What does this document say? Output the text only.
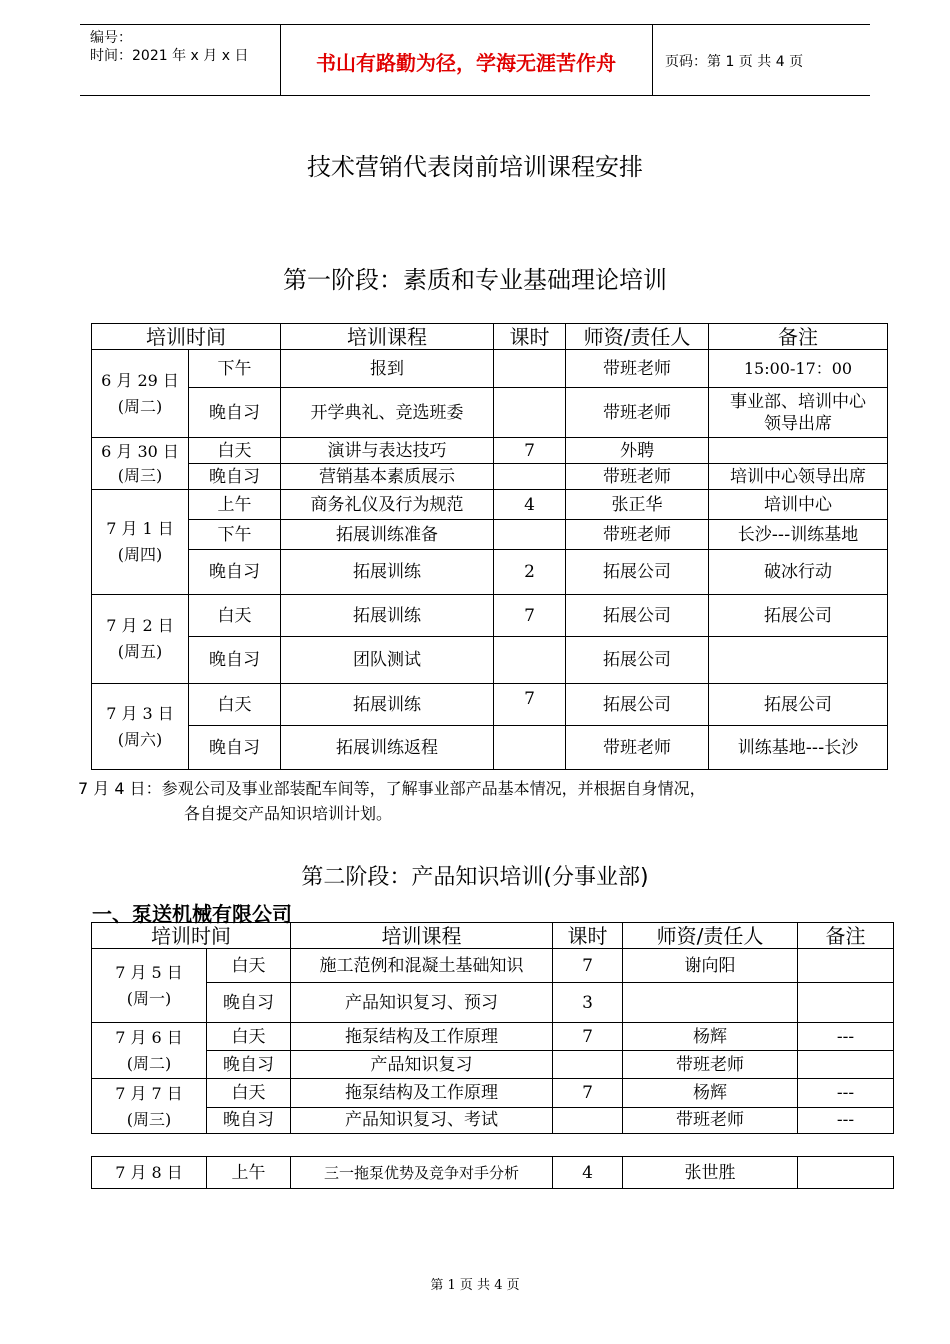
编号：
时间：2021 年 x 月 x 日	书山有路勤为径，学海无涯苦作舟	页码：第 1 页 共 4 页
技术营销代表岗前培训课程安排
第一阶段：素质和专业基础理论培训
培训时间		培训课程	课时	师资/责任人	备注
6 月 29 日
(周二)	下午	报到		带班老师	15:00-17：00
	晚自习	开学典礼、竞选班委		带班老师	事业部、培训中心
领导出席
6 月 30 日
(周三)	白天	演讲与表达技巧	7	外聘	
	晚自习	营销基本素质展示		带班老师	培训中心领导出席
7 月 1 日
(周四)	上午	商务礼仪及行为规范	4	张正华	培训中心
	下午	拓展训练准备		带班老师	长沙---训练基地
	晚自习	拓展训练	2	拓展公司	破冰行动
7 月 2 日
(周五)	白天	拓展训练	7	拓展公司	拓展公司
	晚自习	团队测试		拓展公司	
7 月 3 日
(周六)	白天	拓展训练	7	拓展公司	拓展公司
	晚自习	拓展训练返程		带班老师	训练基地---长沙
7 月 4 日：参观公司及事业部装配车间等，了解事业部产品基本情况，并根据自身情况，
各自提交产品知识培训计划。
第二阶段：产品知识培训(分事业部)
一、泵送机械有限公司
培训时间		培训课程	课时	师资/责任人	备注
7 月 5 日
(周一)	白天	施工范例和混凝土基础知识	7	谢向阳	
	晚自习	产品知识复习、预习	3		
7 月 6 日
(周二)	白天	拖泵结构及工作原理	7	杨辉	---
	晚自习	产品知识复习		带班老师	
7 月 7 日
(周三)	白天	拖泵结构及工作原理	7	杨辉	---
	晚自习	产品知识复习、考试		带班老师	---
7 月 8 日	上午	三一拖泵优势及竞争对手分析	4	张世胜	
第 1 页 共 4 页
